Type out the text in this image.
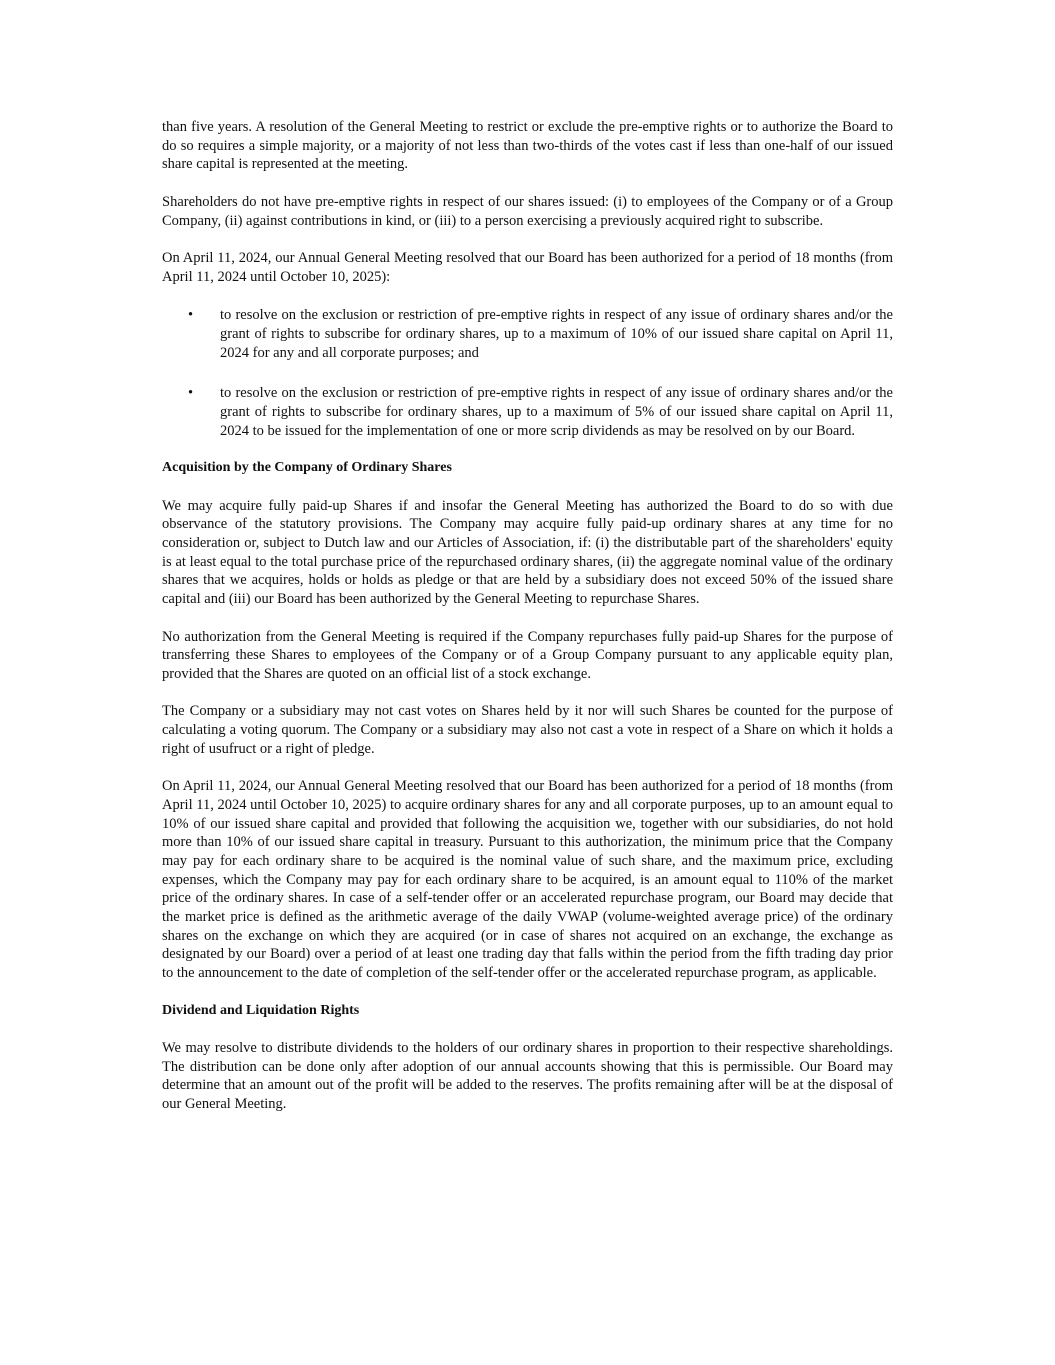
than five years. A resolution of the General Meeting to restrict or exclude the pre-emptive rights or to authorize the Board to do so requires a simple majority, or a majority of not less than two-thirds of the votes cast if less than one-half of our issued share capital is represented at the meeting.

Shareholders do not have pre-emptive rights in respect of our shares issued: (i) to employees of the Company or of a Group Company, (ii) against contributions in kind, or (iii) to a person exercising a previously acquired right to subscribe.

On April 11, 2024, our Annual General Meeting resolved that our Board has been authorized for a period of 18 months (from April 11, 2024 until October 10, 2025):

• to resolve on the exclusion or restriction of pre-emptive rights in respect of any issue of ordinary shares and/or the grant of rights to subscribe for ordinary shares, up to a maximum of 10% of our issued share capital on April 11, 2024 for any and all corporate purposes; and

• to resolve on the exclusion or restriction of pre-emptive rights in respect of any issue of ordinary shares and/or the grant of rights to subscribe for ordinary shares, up to a maximum of 5% of our issued share capital on April 11, 2024 to be issued for the implementation of one or more scrip dividends as may be resolved on by our Board.

Acquisition by the Company of Ordinary Shares

We may acquire fully paid-up Shares if and insofar the General Meeting has authorized the Board to do so with due observance of the statutory provisions. The Company may acquire fully paid-up ordinary shares at any time for no consideration or, subject to Dutch law and our Articles of Association, if: (i) the distributable part of the shareholders' equity is at least equal to the total purchase price of the repurchased ordinary shares, (ii) the aggregate nominal value of the ordinary shares that we acquires, holds or holds as pledge or that are held by a subsidiary does not exceed 50% of the issued share capital and (iii) our Board has been authorized by the General Meeting to repurchase Shares.

No authorization from the General Meeting is required if the Company repurchases fully paid-up Shares for the purpose of transferring these Shares to employees of the Company or of a Group Company pursuant to any applicable equity plan, provided that the Shares are quoted on an official list of a stock exchange.

The Company or a subsidiary may not cast votes on Shares held by it nor will such Shares be counted for the purpose of calculating a voting quorum. The Company or a subsidiary may also not cast a vote in respect of a Share on which it holds a right of usufruct or a right of pledge.

On April 11, 2024, our Annual General Meeting resolved that our Board has been authorized for a period of 18 months (from April 11, 2024 until October 10, 2025) to acquire ordinary shares for any and all corporate purposes, up to an amount equal to 10% of our issued share capital and provided that following the acquisition we, together with our subsidiaries, do not hold more than 10% of our issued share capital in treasury. Pursuant to this authorization, the minimum price that the Company may pay for each ordinary share to be acquired is the nominal value of such share, and the maximum price, excluding expenses, which the Company may pay for each ordinary share to be acquired, is an amount equal to 110% of the market price of the ordinary shares. In case of a self-tender offer or an accelerated repurchase program, our Board may decide that the market price is defined as the arithmetic average of the daily VWAP (volume-weighted average price) of the ordinary shares on the exchange on which they are acquired (or in case of shares not acquired on an exchange, the exchange as designated by our Board) over a period of at least one trading day that falls within the period from the fifth trading day prior to the announcement to the date of completion of the self-tender offer or the accelerated repurchase program, as applicable.

Dividend and Liquidation Rights

We may resolve to distribute dividends to the holders of our ordinary shares in proportion to their respective shareholdings. The distribution can be done only after adoption of our annual accounts showing that this is permissible. Our Board may determine that an amount out of the profit will be added to the reserves. The profits remaining after will be at the disposal of our General Meeting.
